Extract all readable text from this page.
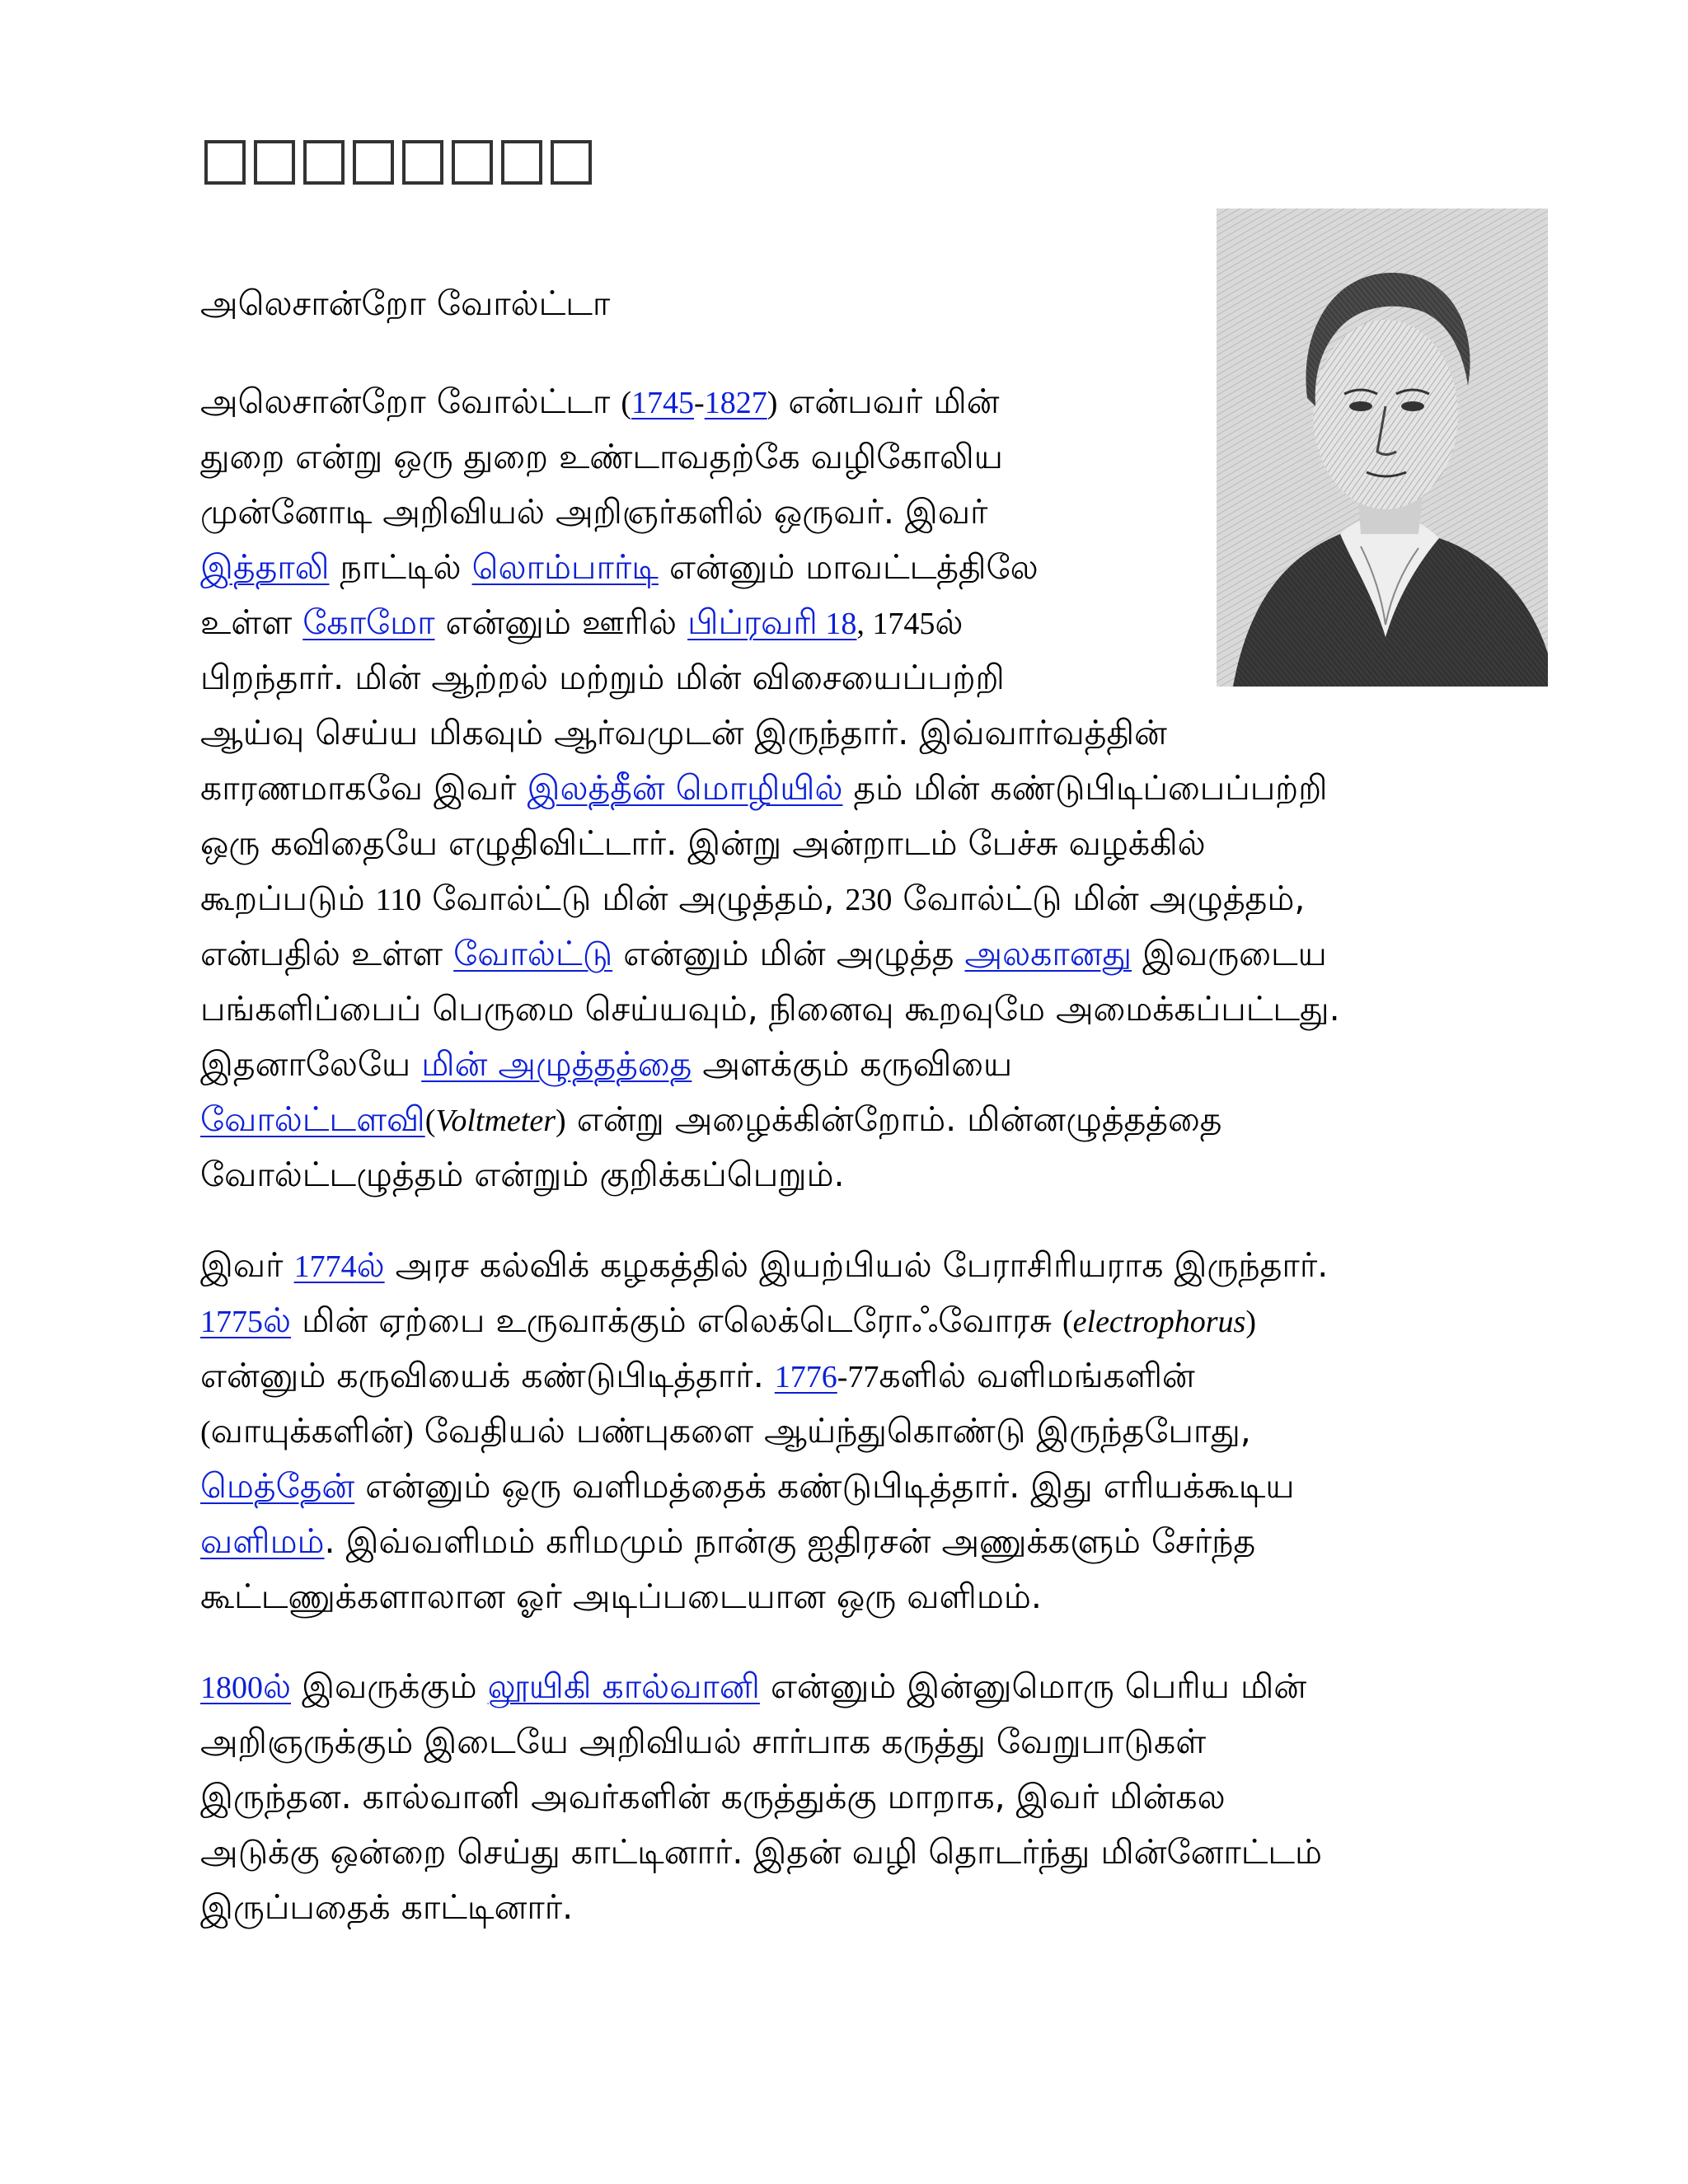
அலெசான்றோ வோல்ட்டா
அலெசான்றோ வோல்ட்டா (1745-1827) என்பவர் மின்
துறை என்று ஒரு துறை உண்டாவதற்கே வழிகோலிய
முன்னோடி அறிவியல் அறிஞர்களில் ஒருவர். இவர்
இத்தாலி நாட்டில் லொம்பார்டி என்னும் மாவட்டத்திலே
உள்ள கோமோ என்னும் ஊரில் பிப்ரவரி 18, 1745ல்
பிறந்தார். மின் ஆற்றல் மற்றும் மின் விசையைப்பற்றி
ஆய்வு செய்ய மிகவும் ஆர்வமுடன் இருந்தார். இவ்வார்வத்தின்
காரணமாகவே இவர் இலத்தீன் மொழியில் தம் மின் கண்டுபிடிப்பைப்பற்றி
ஒரு கவிதையே எழுதிவிட்டார். இன்று அன்றாடம் பேச்சு வழக்கில்
கூறப்படும் 110 வோல்ட்டு மின் அழுத்தம், 230 வோல்ட்டு மின் அழுத்தம்,
என்பதில் உள்ள வோல்ட்டு என்னும் மின் அழுத்த அலகானது இவருடைய
பங்களிப்பைப் பெருமை செய்யவும், நினைவு கூறவுமே அமைக்கப்பட்டது.
இதனாலேயே மின் அழுத்தத்தை அளக்கும் கருவியை
வோல்ட்டளவி(Voltmeter) என்று அழைக்கின்றோம். மின்னழுத்தத்தை
வோல்ட்டழுத்தம் என்றும் குறிக்கப்பெறும்.
இவர் 1774ல் அரச கல்விக் கழகத்தில் இயற்பியல் பேராசிரியராக இருந்தார்.
1775ல் மின் ஏற்பை உருவாக்கும் எலெக்டெரோஃவோரசு (electrophorus)
என்னும் கருவியைக் கண்டுபிடித்தார். 1776-77களில் வளிமங்களின்
(வாயுக்களின்) வேதியல் பண்புகளை ஆய்ந்துகொண்டு இருந்தபோது,
மெத்தேன் என்னும் ஒரு வளிமத்தைக் கண்டுபிடித்தார். இது எரியக்கூடிய
வளிமம். இவ்வளிமம் கரிமமும் நான்கு ஐதிரசன் அணுக்களும் சேர்ந்த
கூட்டணுக்களாலான ஓர் அடிப்படையான ஒரு வளிமம்.
1800ல் இவருக்கும் லூயிகி கால்வானி என்னும் இன்னுமொரு பெரிய மின்
அறிஞருக்கும் இடையே அறிவியல் சார்பாக கருத்து வேறுபாடுகள்
இருந்தன. கால்வானி அவர்களின் கருத்துக்கு மாறாக, இவர் மின்கல
அடுக்கு ஒன்றை செய்து காட்டினார். இதன் வழி தொடர்ந்து மின்னோட்டம்
இருப்பதைக் காட்டினார்.
